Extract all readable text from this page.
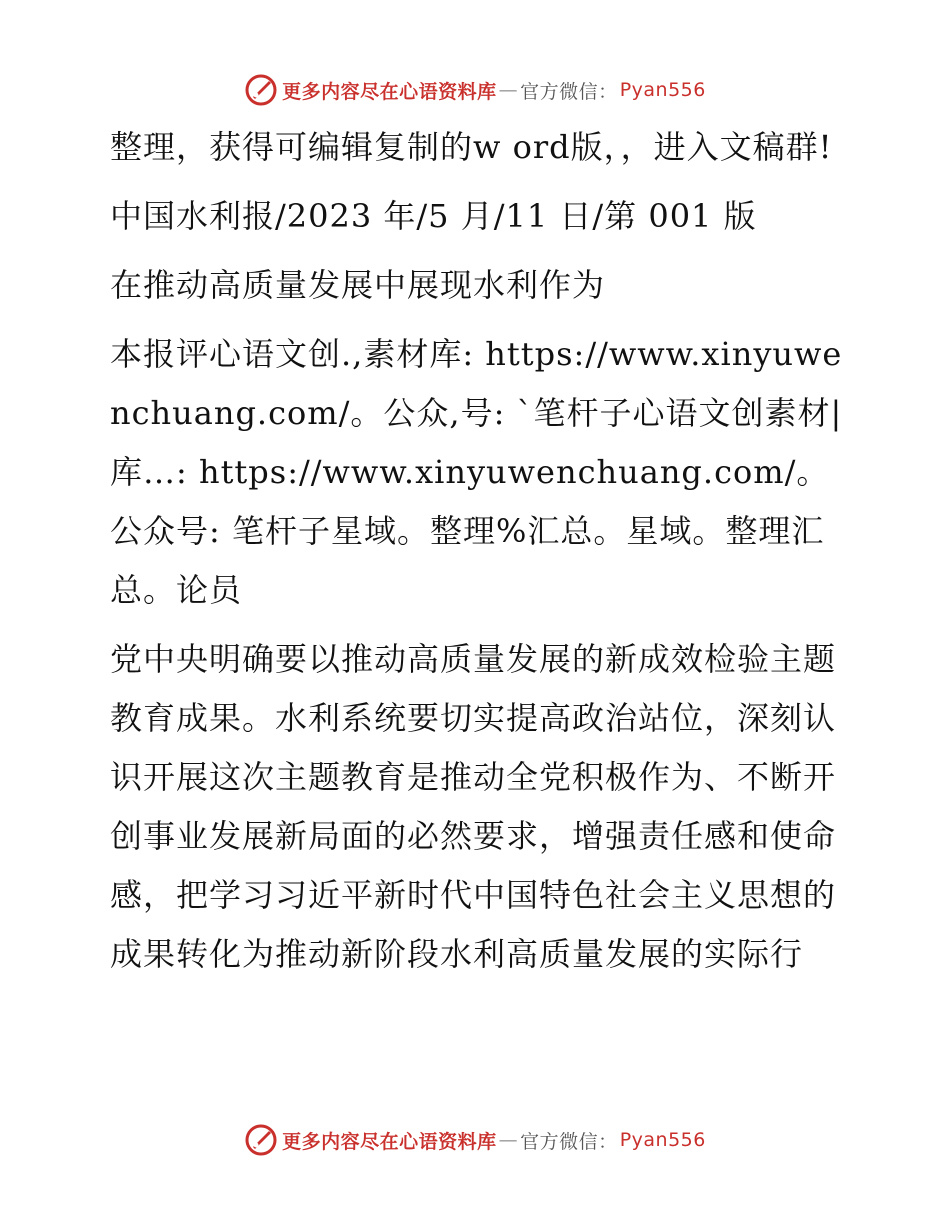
更多内容尽在心语资料库 — 官方微信： Pyan556

整理，获得可编辑复制的w ord版，，进入文稿群!

中国水利报/2023 年/5 月/11 日/第 001 版

在推动高质量发展中展现水利作为

本报评心语文创.,素材库: https://www.xinyuwenchuang.com/。公众,号: `笔杆子心语文创素材|库…: https://www.xinyuwenchuang.com/。公众号: 笔杆子星域。整理%汇总。星域。整理汇总。论员

党中央明确要以推动高质量发展的新成效检验主题教育成果。水利系统要切实提高政治站位，深刻认识开展这次主题教育是推动全党积极作为、不断开创事业发展新局面的必然要求，增强责任感和使命感，把学习习近平新时代中国特色社会主义思想的成果转化为推动新阶段水利高质量发展的实际行

更多内容尽在心语资料库 — 官方微信： Pyan556
